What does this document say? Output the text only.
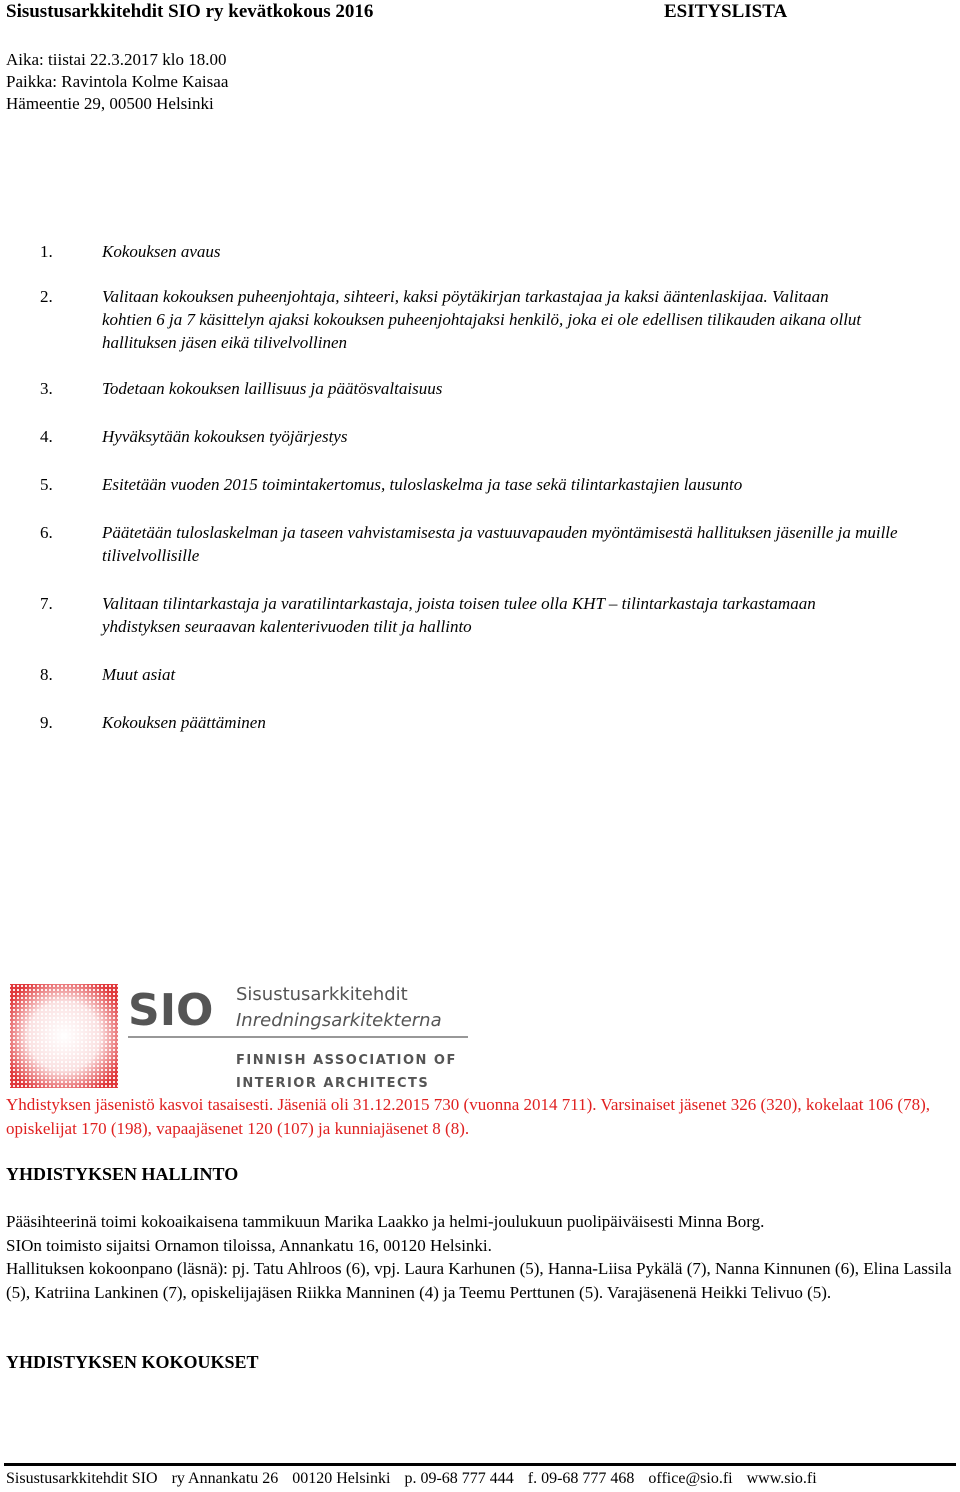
Sisustusarkkitehdit SIO ry kevätkokous 2016	ESITYSLISTA
Aika: tiistai 22.3.2017 klo 18.00
Paikka: Ravintola Kolme Kaisaa
Hämeentie 29, 00500 Helsinki
1.	Kokouksen avaus
2.	Valitaan kokouksen puheenjohtaja, sihteeri, kaksi pöytäkirjan tarkastajaa ja kaksi ääntenlaskijaa. Valitaan kohtien 6 ja 7 käsittelyn ajaksi kokouksen puheenjohtajaksi henkilö, joka ei ole edellisen tilikauden aikana ollut hallituksen jäsen eikä tilivelvollinen
3.	Todetaan kokouksen laillisuus ja päätösvaltaisuus
4.	Hyväksytään kokouksen työjärjestys
5.	Esitetään vuoden 2015 toimintakertomus, tuloslaskelma ja tase sekä tilintarkastajien lausunto
6.	Päätetään tuloslaskelman ja taseen vahvistamisesta ja vastuuvapauden myöntämisestä hallituksen jäsenille ja muille tilivelvollisille
7.	Valitaan tilintarkastaja ja varatilintarkastaja, joista toisen tulee olla KHT – tilintarkastaja tarkastamaan yhdistyksen seuraavan kalenterivuoden tilit ja hallinto
8.	Muut asiat
9.	Kokouksen päättäminen
SIO Sisustusarkkitehdit
Inredningsarkitekterna
FINNISH ASSOCIATION OF
INTERIOR ARCHITECTS
Yhdistyksen jäsenistö kasvoi tasaisesti. Jäseniä oli 31.12.2015 730 (vuonna 2014 711). Varsinaiset jäsenet 326 (320), kokelaat 106 (78), opiskelijat 170 (198), vapaajäsenet 120 (107) ja kunniajäsenet 8 (8).
YHDISTYKSEN HALLINTO
Pääsihteerinä toimi kokoaikaisena tammikuun Marika Laakko ja helmi-joulukuun puolipäiväisesti Minna Borg.
SIOn toimisto sijaitsi Ornamon tiloissa, Annankatu 16, 00120 Helsinki.
Hallituksen kokoonpano (läsnä): pj. Tatu Ahlroos (6), vpj. Laura Karhunen (5), Hanna-Liisa Pykälä (7), Nanna Kinnunen (6), Elina Lassila (5), Katriina Lankinen (7), opiskelijajäsen Riikka Manninen (4) ja Teemu Perttunen (5). Varajäsenenä Heikki Telivuo (5).
YHDISTYKSEN KOKOUKSET
Sisustusarkkitehdit SIO ry Annankatu 26 00120 Helsinki p. 09-68 777 444 f. 09-68 777 468 office@sio.fi www.sio.fi
